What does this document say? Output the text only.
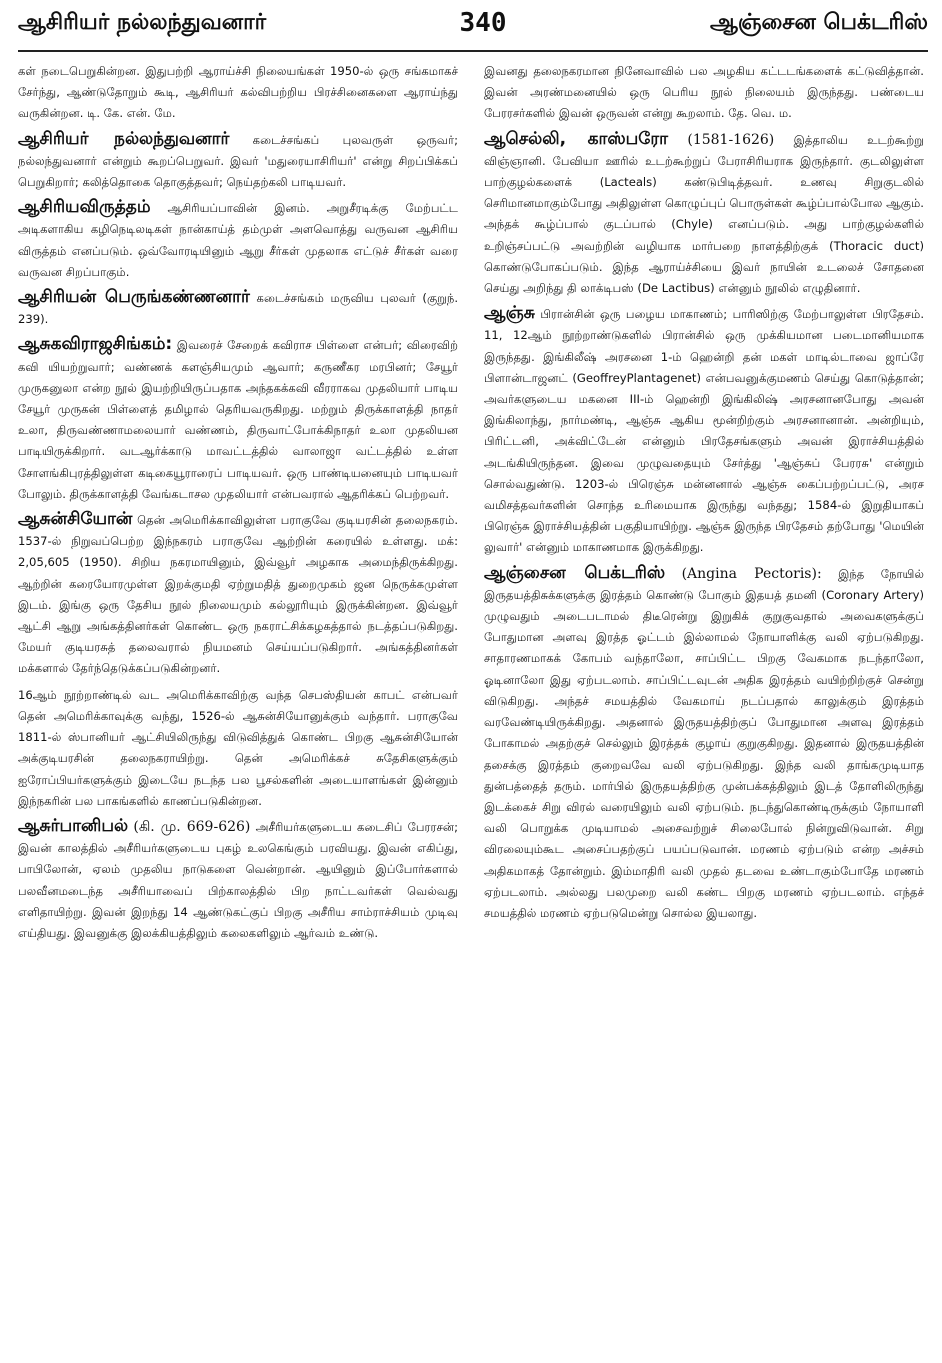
ஆசிரியர் நல்லந்துவனார்	340	ஆஞ்சைன பெக்டரிஸ்

கள் நடைபெறுகின்றன. இதுபற்றி ஆராய்ச்சி நிலையங்கள் 1950-ல் ஒரு சங்கமாகச் சேர்ந்து, ஆண்டுதோறும் கூடி, ஆசிரியர் கல்விபற்றிய பிரச்சினைகளை ஆராய்ந்து வருகின்றன. டி. கே. என். மே.

ஆசிரியர் நல்லந்துவனார் கடைச்சங்கப் புலவருள் ஒருவர்; நல்லந்துவனார் என்றும் கூறப்பெறுவர். இவர் 'மதுரையாசிரியர்' என்று சிறப்பிக்கப் பெறுகிறார்; கலித்தொகை தொகுத்தவர்; நெய்தற்கலி பாடியவர்.

ஆசிரியவிருத்தம் ஆசிரியப்பாவின் இனம். அறுசீரடிக்கு மேற்பட்ட அடிகளாகிய கழிநெடிலடிகள் நான்காய்த் தம்முள் அளவொத்து வருவன ஆசிரிய விருத்தம் எனப்படும். ஒவ்வோரடியினும் ஆறு சீர்கள் முதலாக எட்டுச் சீர்கள் வரை வருவன சிறப்பாகும்.

ஆசிரியன் பெருங்கண்ணனார் கடைச்சங்கம் மருவிய புலவர் (குறுந். 239).

ஆசுகவிராஜசிங்கம்: இவரைச் சேறைக் கவிராச பிள்ளை என்பர்; விரைவிற் கவி யியற்றுவார்; வண்ணக் களஞ்சியமும் ஆவார்; கருணீகர மரபினர்; சேயூர் முருகனுலா என்ற நூல் இயற்றியிருப்பதாக அந்தகக்கவி வீரராகவ முதலியார் பாடிய சேயூர் முருகன் பிள்ளைத் தமிழால் தெரியவருகிறது. மற்றும் திருக்காளத்தி நாதர் உலா, திருவண்ணாமலையார் வண்ணம், திருவாட்போக்கிநாதர் உலா முதலியன பாடியிருக்கிறார். வடஆர்க்காடு மாவட்டத்தில் வாலாஜா வட்டத்தில் உள்ள சோளங்கிபுரத்திலுள்ள கடிகையூராரைப் பாடியவர். ஒரு பாண்டியனையும் பாடியவர் போலும். திருக்காளத்தி வேங்கடாசல முதலியார் என்பவரால் ஆதரிக்கப் பெற்றவர்.

ஆசுன்சியோன் தென் அமெரிக்காவிலுள்ள பராகுவே குடியரசின் தலைநகரம். 1537-ல் நிறுவப்பெற்ற இந்நகரம் பராகுவே ஆற்றின் கரையில் உள்ளது. மக்: 2,05,605 (1950). சிறிய நகரமாயினும், இவ்வூர் அழகாக அமைந்திருக்கிறது. ஆற்றின் கரையோரமுள்ள இறக்குமதி ஏற்றுமதித் துறைமுகம் ஜன நெருக்கமுள்ள இடம். இங்கு ஒரு தேசிய நூல் நிலையமும் கல்லூரியும் இருக்கின்றன. இவ்வூர் ஆட்சி ஆறு அங்கத்தினர்கள் கொண்ட ஒரு நகராட்சிக்கழகத்தால் நடத்தப்படுகிறது. மேயர் குடியரசுத் தலைவரால் நியமனம் செய்யப்படுகிறார். அங்கத்தினர்கள் மக்களால் தேர்ந்தெடுக்கப்படுகின்றனர்.

16ஆம் நூற்றாண்டில் வட அமெரிக்காவிற்கு வந்த செபஸ்தியன் காபட் என்பவர் தென் அமெரிக்காவுக்கு வந்து, 1526-ல் ஆசுன்சியோனுக்கும் வந்தார். பராகுவே 1811-ல் ஸ்பானியர் ஆட்சியிலிருந்து விடுவித்துக் கொண்ட பிறகு ஆசுன்சியோன் அக்குடியரசின் தலைநகராயிற்று. தென் அமெரிக்கச் சுதேசிகளுக்கும் ஐரோப்பியர்களுக்கும் இடையே நடந்த பல பூசல்களின் அடையாளங்கள் இன்னும் இந்நகரின் பல பாகங்களில் காணப்படுகின்றன.

ஆசுர்பானிபல் (கி. மு. 669-626) அசீரியர்களுடைய கடைசிப் பேரரசன்; இவன் காலத்தில் அசீரியர்களுடைய புகழ் உலகெங்கும் பரவியது. இவன் எகிப்து, பாபிலோன், ஏலம் முதலிய நாடுகளை வென்றான். ஆயினும் இப்போர்களால் பலவீனமடைந்த அசீரியாவைப் பிற்காலத்தில் பிற நாட்டவர்கள் வெல்வது எளிதாயிற்று. இவன் இறந்து 14 ஆண்டுகட்குப் பிறகு அசீரிய சாம்ராச்சியம் முடிவு எய்தியது. இவனுக்கு இலக்கியத்திலும் கலைகளிலும் ஆர்வம் உண்டு.

இவனது தலைநகரமான நினேவாவில் பல அழகிய கட்டடங்களைக் கட்டுவித்தான். இவன் அரண்மனையில் ஒரு பெரிய நூல் நிலையம் இருந்தது. பண்டைய பேரரசர்களில் இவன் ஒருவன் என்று கூறலாம். தே. வெ. ம.

ஆசெல்லி, காஸ்பரோ (1581-1626) இத்தாலிய உடற்கூற்று விஞ்ஞானி. பேவியா ஊரில் உடற்கூற்றுப் பேராசிரியராக இருந்தார். குடலிலுள்ள பாற்குழல்களைக் (Lacteals) கண்டுபிடித்தவர். உணவு சிறுகுடலில் செரிமானமாகும்போது அதிலுள்ள கொழுப்புப் பொருள்கள் கூழ்ப்பால்போல ஆகும். அந்தக் கூழ்ப்பால் குடப்பால் (Chyle) எனப்படும். அது பாற்குழல்களில் உறிஞ்சப்பட்டு அவற்றின் வழியாக மார்பறை நாளத்திற்குக் (Thoracic duct) கொண்டுபோகப்படும். இந்த ஆராய்ச்சியை இவர் நாயின் உடலைச் சோதனை செய்து அறிந்து தி லாக்டிபஸ் (De Lactibus) என்னும் நூலில் எழுதினார்.

ஆஞ்சு பிரான்சின் ஒரு பழைய மாகாணம்; பாரிஸிற்கு மேற்பாலுள்ள பிரதேசம். 11, 12ஆம் நூற்றாண்டுகளில் பிரான்சில் ஒரு முக்கியமான படைமானியமாக இருந்தது. இங்கிலீஷ் அரசனை 1-ம் ஹென்றி தன் மகள் மாடில்டாவை ஜாப்ரே பிளான்டாஜனட் (GeoffreyPlantagenet) என்பவனுக்குமணம் செய்து கொடுத்தான்; அவர்களுடைய மகனை III-ம் ஹென்றி இங்கிலிஷ் அரசனானபோது அவன் இங்கிலாந்து, நார்மண்டி, ஆஞ்சு ஆகிய மூன்றிற்கும் அரசனானான். அன்றியும், பிரிட்டனி, அக்விட்டேன் என்னும் பிரதேசங்களும் அவன் இராச்சியத்தில் அடங்கியிருந்தன. இவை முழுவதையும் சேர்த்து 'ஆஞ்சுப் பேரரசு' என்றும் சொல்வதுண்டு. 1203-ல் பிரெஞ்சு மன்னனால் ஆஞ்சு கைப்பற்றப்பட்டு, அரச வமிசத்தவர்களின் சொந்த உரிமையாக இருந்து வந்தது; 1584-ல் இறுதியாகப் பிரெஞ்சு இராச்சியத்தின் பகுதியாயிற்று. ஆஞ்சு இருந்த பிரதேசம் தற்போது 'மெயின் லுவார்' என்னும் மாகாணமாக இருக்கிறது.

ஆஞ்சைன பெக்டரிஸ் (Angina Pectoris): இந்த நோயில் இருதயத்திசுக்களுக்கு இரத்தம் கொண்டு போகும் இதயத் தமனி (Coronary Artery) முழுவதும் அடைபடாமல் திடீரென்று இறுகிக் குறுகுவதால் அவைகளுக்குப் போதுமான அளவு இரத்த ஓட்டம் இல்லாமல் நோயாளிக்கு வலி ஏற்படுகிறது. சாதாரணமாகக் கோபம் வந்தாலோ, சாப்பிட்ட பிறகு வேகமாக நடந்தாலோ, ஓடினாலோ இது ஏற்படலாம். சாப்பிட்டவுடன் அதிக இரத்தம் வயிற்றிற்குச் சென்று விடுகிறது. அந்தச் சமயத்தில் வேகமாய் நடப்பதால் காலுக்கும் இரத்தம் வரவேண்டியிருக்கிறது. அதனால் இருதயத்திற்குப் போதுமான அளவு இரத்தம் போகாமல் அதற்குச் செல்லும் இரத்தக் குழாய் குறுகுகிறது. இதனால் இருதயத்தின் தசைக்கு இரத்தம் குறைவவே வலி ஏற்படுகிறது. இந்த வலி தாங்கமுடியாத துன்பத்தைத் தரும். மார்பில் இருதயத்திற்கு முன்பக்கத்திலும் இடத் தோளிலிருந்து இடக்கைச் சிறு விரல் வரையிலும் வலி ஏற்படும். நடந்துகொண்டிருக்கும் நோயாளி வலி பொறுக்க முடியாமல் அசைவற்றுச் சிலைபோல் நின்றுவிடுவான். சிறு விரலையும்கூட அசைப்பதற்குப் பயப்படுவான். மரணம் ஏற்படும் என்ற அச்சம் அதிகமாகத் தோன்றும். இம்மாதிரி வலி முதல் தடவை உண்டாகும்போதே மரணம் ஏற்படலாம். அல்லது பலமுறை வலி கண்ட பிறகு மரணம் ஏற்படலாம். எந்தச் சமயத்தில் மரணம் ஏற்படுமென்று சொல்ல இயலாது.
